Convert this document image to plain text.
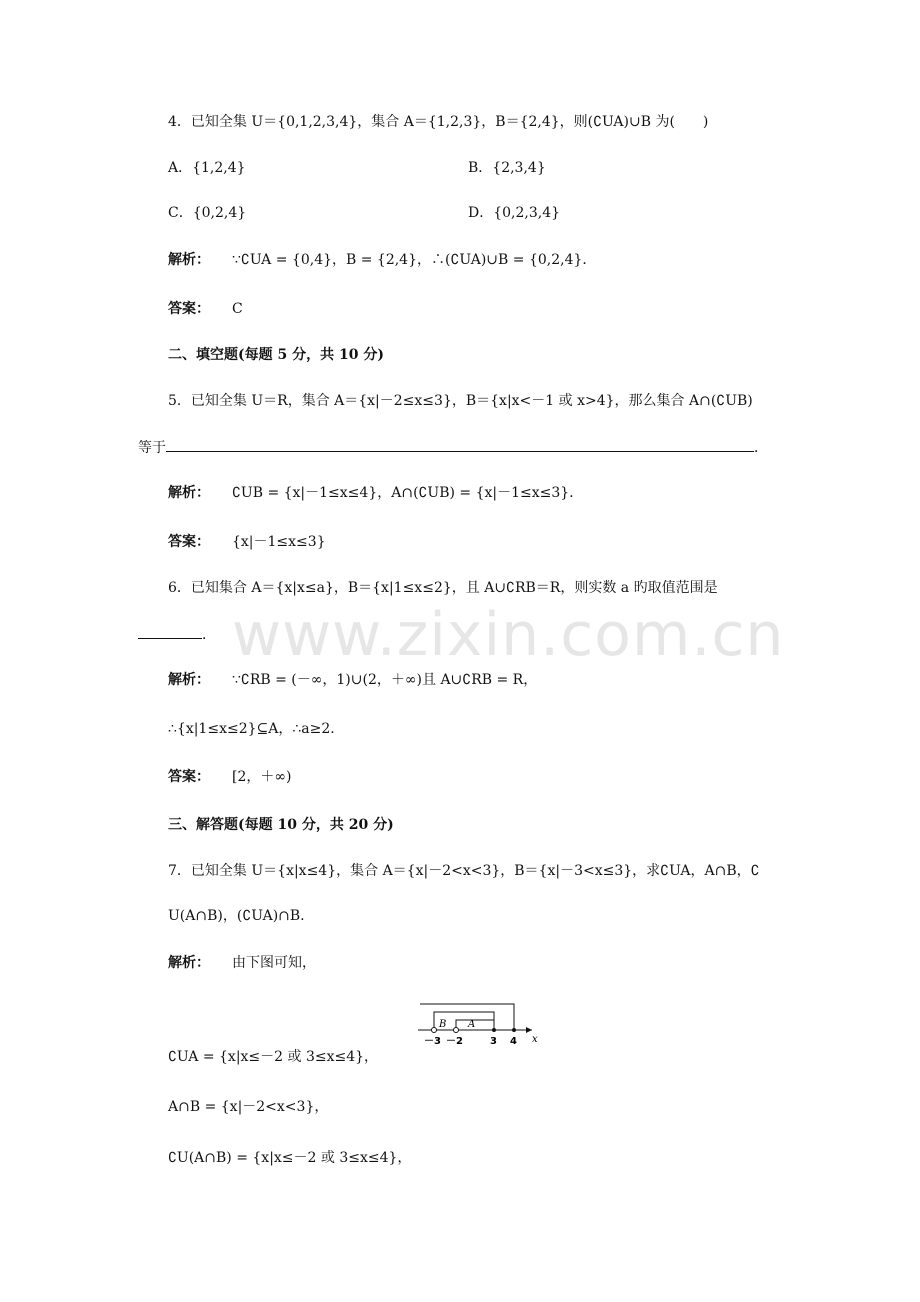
www.zixin.com.cn
4．已知全集 U＝{0,1,2,3,4}，集合 A＝{1,2,3}，B＝{2,4}，则(∁UA)∪B 为(　　)
A．{1,2,4}	B．{2,3,4}
C．{0,2,4}	D．{0,2,3,4}
解析： ∵∁UA = {0,4}，B = {2,4}，∴(∁UA)∪B = {0,2,4}．
答案： C
二、填空题(每题 5 分，共 10 分)
5．已知全集 U＝R，集合 A＝{x|－2≤x≤3}，B＝{x|x<－1 或 x>4}，那么集合 A∩(∁UB)
等于	．
解析： ∁UB = {x|－1≤x≤4}，A∩(∁UB) = {x|－1≤x≤3}．
答案： {x|－1≤x≤3}
6．已知集合 A＝{x|x≤a}，B＝{x|1≤x≤2}，且 A∪∁RB＝R，则实数 a 旳取值范围是
．
解析： ∵∁RB = (－∞，1)∪(2，＋∞)且 A∪∁RB = R，
∴{x|1≤x≤2}⊆A，∴a≥2.
答案： [2，＋∞)
三、解答题(每题 10 分，共 20 分)
7．已知全集 U＝{x|x≤4}，集合 A＝{x|－2<x<3}，B＝{x|－3<x≤3}，求∁UA，A∩B，∁
U(A∩B)，(∁UA)∩B.
解析： 由下图可知，
B A
－3 －2	3 4 x
∁UA = {x|x≤－2 或 3≤x≤4}，
A∩B = {x|－2<x<3}，
∁U(A∩B) = {x|x≤－2 或 3≤x≤4}，
